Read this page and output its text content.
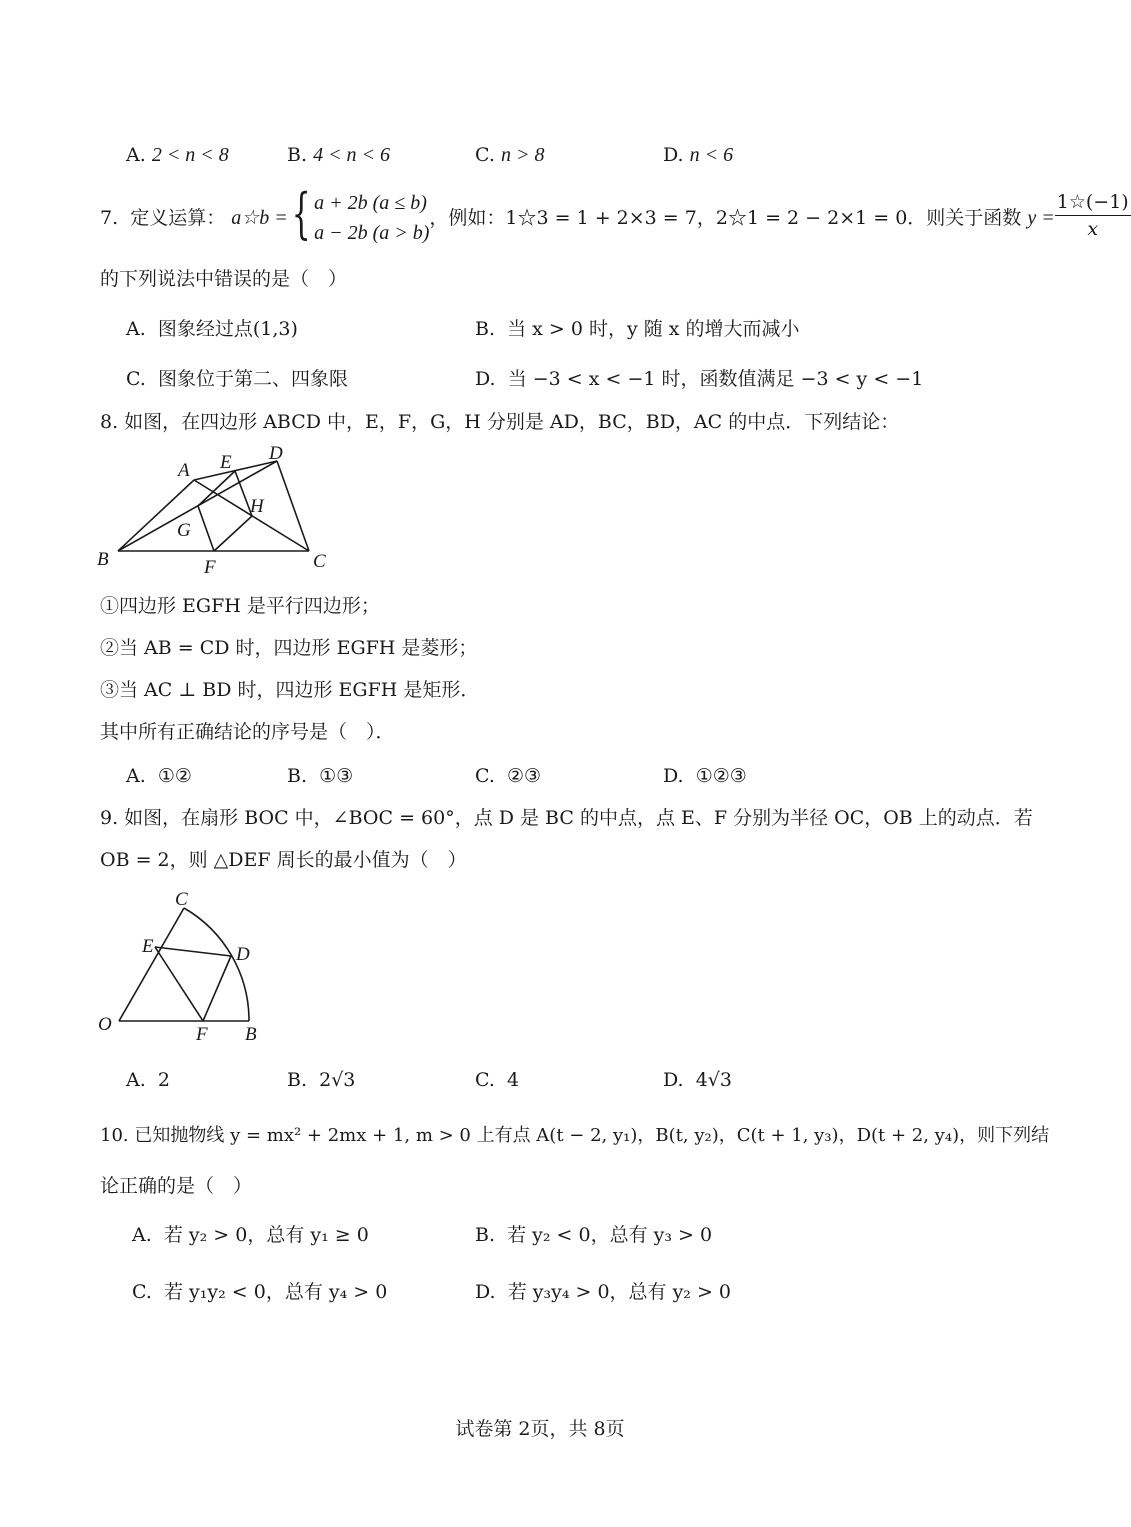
A. 2 < n < 8	B. 4 < n < 6	C. n > 8	D. n < 6
7.
定义运算：
a☆b = { a + 2b (a ≤ b)
a − 2b (a > b)
，例如：1☆3 = 1 + 2×3 = 7，2☆1 = 2 − 2×1 = 0．则关于函数
$y = \frac{1☆(-1)}{x}$
的下列说法中错误的是（　）
A. 图象经过点(1,3)	B. 当 x > 0 时，y 随 x 的增大而减小
C. 图象位于第二、四象限	D. 当 −3 < x < −1 时，函数值满足 −3 < y < −1
8. 如图，在四边形 ABCD 中，E，F，G，H 分别是 AD，BC，BD，AC 的中点．下列结论：
A E D
H
G
B	F	C
①四边形 EGFH 是平行四边形；
②当 AB = CD 时，四边形 EGFH 是菱形；
③当 AC ⊥ BD 时，四边形 EGFH 是矩形．
其中所有正确结论的序号是（　）．
A. ①②	B. ①③	C. ②③	D. ①②③
9. 如图，在扇形 BOC 中，∠BOC = 60°，点 D 是 BC 的中点，点 E、F 分别为半径 OC，OB 上的动点．若
OB = 2，则 △DEF 周长的最小值为（　）
C
E	D
O	F B
A. 2	B. 2√3	C. 4	D. 4√3
10. 已知抛物线 y = mx² + 2mx + 1, m > 0 上有点 A(t − 2, y₁)，B(t, y₂)，C(t + 1, y₃)，D(t + 2, y₄)，则下列结
论正确的是（　）
A. 若 y₂ > 0，总有 y₁ ≥ 0	B. 若 y₂ < 0，总有 y₃ > 0
C. 若 y₁y₂ < 0，总有 y₄ > 0	D. 若 y₃y₄ > 0，总有 y₂ > 0
试卷第 2页，共 8页
